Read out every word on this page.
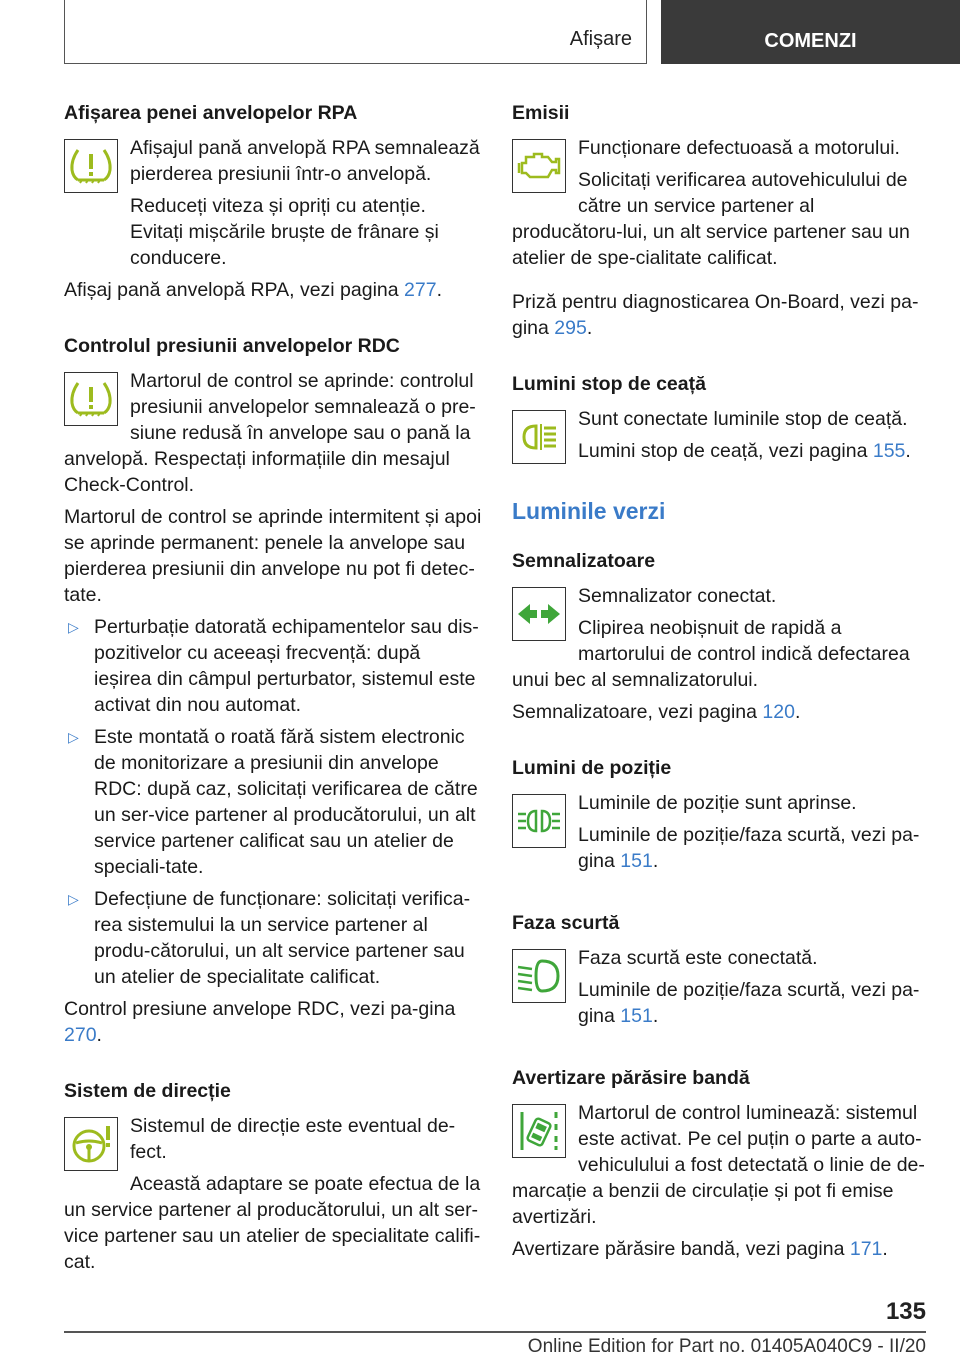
Afișare	COMENZI
Afișarea penei anvelopelor RPA

Afișajul pană anvelopă RPA semnalează pierderea presiunii într-o anvelopă.

Reduceți viteza și opriți cu atenție. Evitați mișcările bruște de frânare și conducere.

Afișaj pană anvelopă RPA, vezi pagina 277.

Controlul presiunii anvelopelor RDC

Martorul de control se aprinde: controlul presiunii anvelopelor semnalează o pre-siune redusă în anvelope sau o pană la anvelopă. Respectați informațiile din mesajul Check-Control.

Martorul de control se aprinde intermitent și apoi se aprinde permanent: penele la anvelope sau pierderea presiunii din anvelope nu pot fi detec-tate.

▷ Perturbație datorată echipamentelor sau dis-pozitivelor cu aceeași frecvență: după ieșirea din câmpul perturbator, sistemul este activat din nou automat.
▷ Este montată o roată fără sistem electronic de monitorizare a presiunii din anvelope RDC: după caz, solicitați verificarea de către un ser-vice partener al producătorului, un alt service partener calificat sau un atelier de speciali-tate.
▷ Defecțiune de funcționare: solicitați verifica-rea sistemului la un service partener al produ-cătorului, un alt service partener sau un atelier de specialitate calificat.

Control presiune anvelope RDC, vezi pa-gina 270.

Sistem de direcție

Sistemul de direcție este eventual de-fect.

Această adaptare se poate efectua de la un service partener al producătorului, un alt ser-vice partener sau un atelier de specialitate califi-cat.

Emisii

Funcționare defectuoasă a motorului.

Solicitați verificarea autovehiculului de către un service partener al producătoru-lui, un alt service partener sau un atelier de spe-cialitate calificat.

Priză pentru diagnosticarea On-Board, vezi pa-gina 295.

Lumini stop de ceață

Sunt conectate luminile stop de ceață.

Lumini stop de ceață, vezi pagina 155.

Luminile verzi
Semnalizatoare

Semnalizator conectat.

Clipirea neobișnuit de rapidă a martorului de control indică defectarea unui bec al semnalizatorului.

Semnalizatoare, vezi pagina 120.

Lumini de poziție

Luminile de poziție sunt aprinse.

Luminile de poziție/faza scurtă, vezi pa-gina 151.

Faza scurtă

Faza scurtă este conectată.

Luminile de poziție/faza scurtă, vezi pa-gina 151.

Avertizare părăsire bandă

Martorul de control luminează: sistemul este activat. Pe cel puțin o parte a auto-vehiculului a fost detectată o linie de de-marcație a benzii de circulație și pot fi emise avertizări.

Avertizare părăsire bandă, vezi pagina 171.

135
Online Edition for Part no. 01405A040C9 - II/20
